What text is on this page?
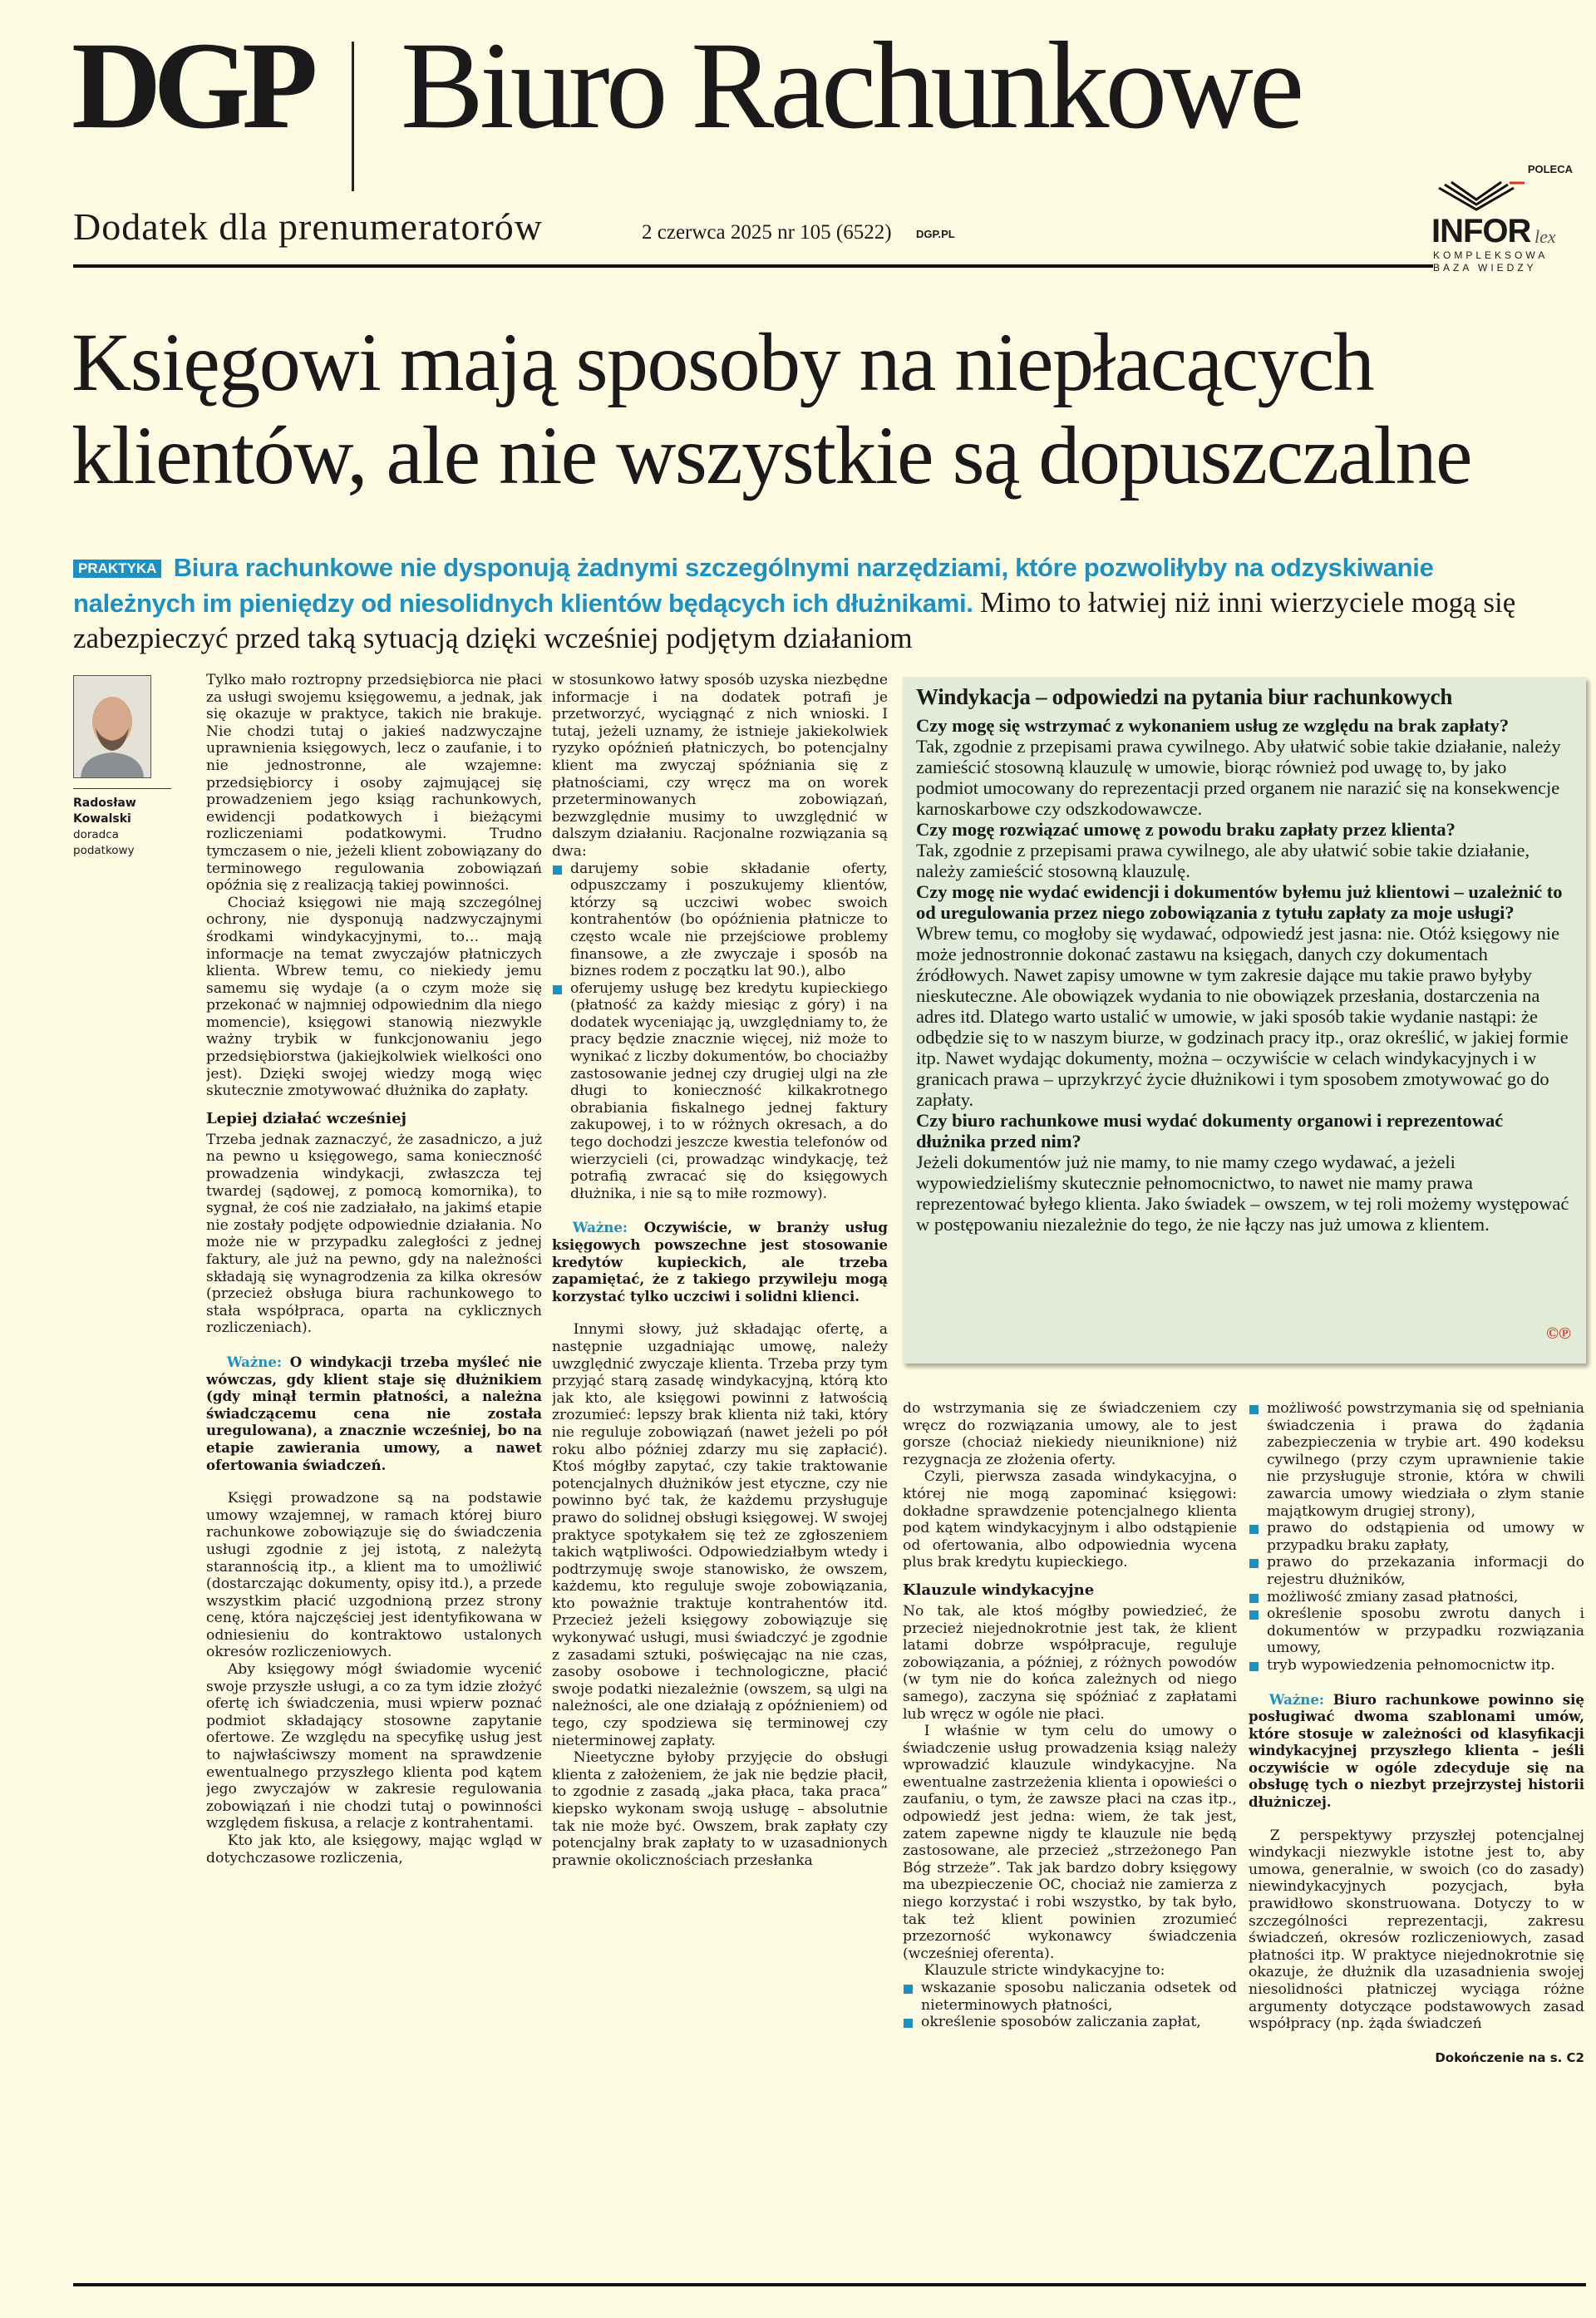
DGP Biuro Rachunkowe
Dodatek dla prenumeratorów	2 czerwca 2025 nr 105 (6522) DGP.PL
POLECA
INFOR lex
KOMPLEKSOWA
BAZA WIEDZY
Księgowi mają sposoby na niepłacących klientów, ale nie wszystkie są dopuszczalne
PRAKTYKA Biura rachunkowe nie dysponują żadnymi szczególnymi narzędziami, które pozwoliłyby na odzyskiwanie należnych im pieniędzy od niesolidnych klientów będących ich dłużnikami. Mimo to łatwiej niż inni wierzyciele mogą się zabezpieczyć przed taką sytuacją dzięki wcześniej podjętym działaniom
Radosław
Kowalski
doradca
podatkowy

Tylko mało roztropny przedsiębiorca nie płaci za usługi swojemu księgowemu, a jednak, jak się okazuje w praktyce, takich nie brakuje. Nie chodzi tutaj o jakieś nadzwyczajne uprawnienia księgowych, lecz o zaufanie, i to nie jednostronne, ale wzajemne: przedsiębiorcy i osoby zajmującej się prowadzeniem jego ksiąg rachunkowych, ewidencji podatkowych i bieżącymi rozliczeniami podatkowymi. Trudno tymczasem o nie, jeżeli klient zobowiązany do terminowego regulowania zobowiązań opóźnia się z realizacją takiej powinności.

Chociaż księgowi nie mają szczególnej ochrony, nie dysponują nadzwyczajnymi środkami windykacyjnymi, to… mają informacje na temat zwyczajów płatniczych klienta. Wbrew temu, co niekiedy jemu samemu się wydaje (a o czym może się przekonać w najmniej odpowiednim dla niego momencie), księgowi stanowią niezwykle ważny trybik w funkcjonowaniu jego przedsiębiorstwa (jakiejkolwiek wielkości ono jest). Dzięki swojej wiedzy mogą więc skutecznie zmotywować dłużnika do zapłaty.

Lepiej działać wcześniej

Trzeba jednak zaznaczyć, że zasadniczo, a już na pewno u księgowego, sama konieczność prowadzenia windykacji, zwłaszcza tej twardej (sądowej, z pomocą komornika), to sygnał, że coś nie zadziałało, na jakimś etapie nie zostały podjęte odpowiednie działania. No może nie w przypadku zaległości z jednej faktury, ale już na pewno, gdy na należności składają się wynagrodzenia za kilka okresów (przecież obsługa biura rachunkowego to stała współpraca, oparta na cyklicznych rozliczeniach).

Ważne: O windykacji trzeba myśleć nie wówczas, gdy klient staje się dłużnikiem (gdy minął termin płatności, a należna świadczącemu cena nie została uregulowana), a znacznie wcześniej, bo na etapie zawierania umowy, a nawet ofertowania świadczeń.

Księgi prowadzone są na podstawie umowy wzajemnej, w ramach której biuro rachunkowe zobowiązuje się do świadczenia usługi zgodnie z jej istotą, z należytą starannością itp., a klient ma to umożliwić (dostarczając dokumenty, opisy itd.), a przede wszystkim płacić uzgodnioną przez strony cenę, która najczęściej jest identyfikowana w odniesieniu do kontraktowo ustalonych okresów rozliczeniowych.

Aby księgowy mógł świadomie wycenić swoje przyszłe usługi, a co za tym idzie złożyć ofertę ich świadczenia, musi wpierw poznać podmiot składający stosowne zapytanie ofertowe. Ze względu na specyfikę usług jest to najwłaściwszy moment na sprawdzenie ewentualnego przyszłego klienta pod kątem jego zwyczajów w zakresie regulowania zobowiązań i nie chodzi tutaj o powinności względem fiskusa, a relacje z kontrahentami.

Kto jak kto, ale księgowy, mając wgląd w dotychczasowe rozliczenia,

w stosunkowo łatwy sposób uzyska niezbędne informacje i na dodatek potrafi je przetworzyć, wyciągnąć z nich wnioski. I tutaj, jeżeli uznamy, że istnieje jakiekolwiek ryzyko opóźnień płatniczych, bo potencjalny klient ma zwyczaj spóźniania się z płatnościami, czy wręcz ma on worek przeterminowanych zobowiązań, bezwzględnie musimy to uwzględnić w dalszym działaniu. Racjonalne rozwiązania są dwa:

darujemy sobie składanie oferty, odpuszczamy i poszukujemy klientów, którzy są uczciwi wobec swoich kontrahentów (bo opóźnienia płatnicze to często wcale nie przejściowe problemy finansowe, a złe zwyczaje i sposób na biznes rodem z początku lat 90.), albo

oferujemy usługę bez kredytu kupieckiego (płatność za każdy miesiąc z góry) i na dodatek wyceniając ją, uwzględniamy to, że pracy będzie znacznie więcej, niż może to wynikać z liczby dokumentów, bo chociażby zastosowanie jednej czy drugiej ulgi na złe długi to konieczność kilkakrotnego obrabiania fiskalnego jednej faktury zakupowej, i to w różnych okresach, a do tego dochodzi jeszcze kwestia telefonów od wierzycieli (ci, prowadząc windykację, też potrafią zwracać się do księgowych dłużnika, i nie są to miłe rozmowy).

Ważne: Oczywiście, w branży usług księgowych powszechne jest stosowanie kredytów kupieckich, ale trzeba zapamiętać, że z takiego przywileju mogą korzystać tylko uczciwi i solidni klienci.

Innymi słowy, już składając ofertę, a następnie uzgadniając umowę, należy uwzględnić zwyczaje klienta. Trzeba przy tym przyjąć starą zasadę windykacyjną, którą kto jak kto, ale księgowi powinni z łatwością zrozumieć: lepszy brak klienta niż taki, który nie reguluje zobowiązań (nawet jeżeli po pół roku albo później zdarzy mu się zapłacić). Ktoś mógłby zapytać, czy takie traktowanie potencjalnych dłużników jest etyczne, czy nie powinno być tak, że każdemu przysługuje prawo do solidnej obsługi księgowej. W swojej praktyce spotykałem się też ze zgłoszeniem takich wątpliwości. Odpowiedziałbym wtedy i podtrzymuję swoje stanowisko, że owszem, każdemu, kto reguluje swoje zobowiązania, kto poważnie traktuje kontrahentów itd. Przecież jeżeli księgowy zobowiązuje się wykonywać usługi, musi świadczyć je zgodnie z zasadami sztuki, poświęcając na nie czas, zasoby osobowe i technologiczne, płacić swoje podatki niezależnie (owszem, są ulgi na należności, ale one działają z opóźnieniem) od tego, czy spodziewa się terminowej czy nieterminowej zapłaty.

Nieetyczne byłoby przyjęcie do obsługi klienta z założeniem, że jak nie będzie płacił, to zgodnie z zasadą „jaka płaca, taka praca” kiepsko wykonam swoją usługę – absolutnie tak nie może być. Owszem, brak zapłaty czy potencjalny brak zapłaty to w uzasadnionych prawnie okolicznościach przesłanka

do wstrzymania się ze świadczeniem czy wręcz do rozwiązania umowy, ale to jest gorsze (chociaż niekiedy nieuniknione) niż rezygnacja ze złożenia oferty.

Czyli, pierwsza zasada windykacyjna, o której nie mogą zapominać księgowi: dokładne sprawdzenie potencjalnego klienta pod kątem windykacyjnym i albo odstąpienie od ofertowania, albo odpowiednia wycena plus brak kredytu kupieckiego.

Klauzule windykacyjne

No tak, ale ktoś mógłby powiedzieć, że przecież niejednokrotnie jest tak, że klient latami dobrze współpracuje, reguluje zobowiązania, a później, z różnych powodów (w tym nie do końca zależnych od niego samego), zaczyna się spóźniać z zapłatami lub wręcz w ogóle nie płaci.

I właśnie w tym celu do umowy o świadczenie usług prowadzenia ksiąg należy wprowadzić klauzule windykacyjne. Na ewentualne zastrzeżenia klienta i opowieści o zaufaniu, o tym, że zawsze płaci na czas itp., odpowiedź jest jedna: wiem, że tak jest, zatem zapewne nigdy te klauzule nie będą zastosowane, ale przecież „strzeżonego Pan Bóg strzeże”. Tak jak bardzo dobry księgowy ma ubezpieczenie OC, chociaż nie zamierza z niego korzystać i robi wszystko, by tak było, tak też klient powinien zrozumieć przezorność wykonawcy świadczenia (wcześniej oferenta).

Klauzule stricte windykacyjne to:

wskazanie sposobu naliczania odsetek od nieterminowych płatności,

określenie sposobów zaliczania zapłat,

możliwość powstrzymania się od spełniania świadczenia i prawa do żądania zabezpieczenia w trybie art. 490 kodeksu cywilnego (przy czym uprawnienie takie nie przysługuje stronie, która w chwili zawarcia umowy wiedziała o złym stanie majątkowym drugiej strony),

prawo do odstąpienia od umowy w przypadku braku zapłaty,

prawo do przekazania informacji do rejestru dłużników,

możliwość zmiany zasad płatności,

określenie sposobu zwrotu danych i dokumentów w przypadku rozwiązania umowy,

tryb wypowiedzenia pełnomocnictw itp.

Ważne: Biuro rachunkowe powinno się posługiwać dwoma szablonami umów, które stosuje w zależności od klasyfikacji windykacyjnej przyszłego klienta – jeśli oczywiście w ogóle zdecyduje się na obsługę tych o niezbyt przejrzystej historii dłużniczej.

Z perspektywy przyszłej potencjalnej windykacji niezwykle istotne jest to, aby umowa, generalnie, w swoich (co do zasady) niewindykacyjnych pozycjach, była prawidłowo skonstruowana. Dotyczy to w szczególności reprezentacji, zakresu świadczeń, okresów rozliczeniowych, zasad płatności itp. W praktyce niejednokrotnie się okazuje, że dłużnik dla uzasadnienia swojej niesolidności płatniczej wyciąga różne argumenty dotyczące podstawowych zasad współpracy (np. żąda świadczeń

Dokończenie na s. C2
Windykacja – odpowiedzi na pytania biur rachunkowych
Czy mogę się wstrzymać z wykonaniem usług ze względu na brak zapłaty?
Tak, zgodnie z przepisami prawa cywilnego. Aby ułatwić sobie takie działanie, należy zamieścić stosowną klauzulę w umowie, biorąc również pod uwagę to, by jako podmiot umocowany do reprezentacji przed organem nie narazić się na konsekwencje karnoskarbowe czy odszkodowawcze.
Czy mogę rozwiązać umowę z powodu braku zapłaty przez klienta?
Tak, zgodnie z przepisami prawa cywilnego, ale aby ułatwić sobie takie działanie, należy zamieścić stosowną klauzulę.
Czy mogę nie wydać ewidencji i dokumentów byłemu już klientowi – uzależnić to od uregulowania przez niego zobowiązania z tytułu zapłaty za moje usługi?
Wbrew temu, co mogłoby się wydawać, odpowiedź jest jasna: nie. Otóż księgowy nie może jednostronnie dokonać zastawu na księgach, danych czy dokumentach źródłowych. Nawet zapisy umowne w tym zakresie dające mu takie prawo byłyby nieskuteczne. Ale obowiązek wydania to nie obowiązek przesłania, dostarczenia na adres itd. Dlatego warto ustalić w umowie, w jaki sposób takie wydanie nastąpi: że odbędzie się to w naszym biurze, w godzinach pracy itp., oraz określić, w jakiej formie itp. Nawet wydając dokumenty, można – oczywiście w celach windykacyjnych i w granicach prawa – uprzykrzyć życie dłużnikowi i tym sposobem zmotywować go do zapłaty.
Czy biuro rachunkowe musi wydać dokumenty organowi i reprezentować dłużnika przed nim?
Jeżeli dokumentów już nie mamy, to nie mamy czego wydawać, a jeżeli wypowiedzieliśmy skutecznie pełnomocnictwo, to nawet nie mamy prawa reprezentować byłego klienta. Jako świadek – owszem, w tej roli możemy występować w postępowaniu niezależnie do tego, że nie łączy nas już umowa z klientem.
©℗
